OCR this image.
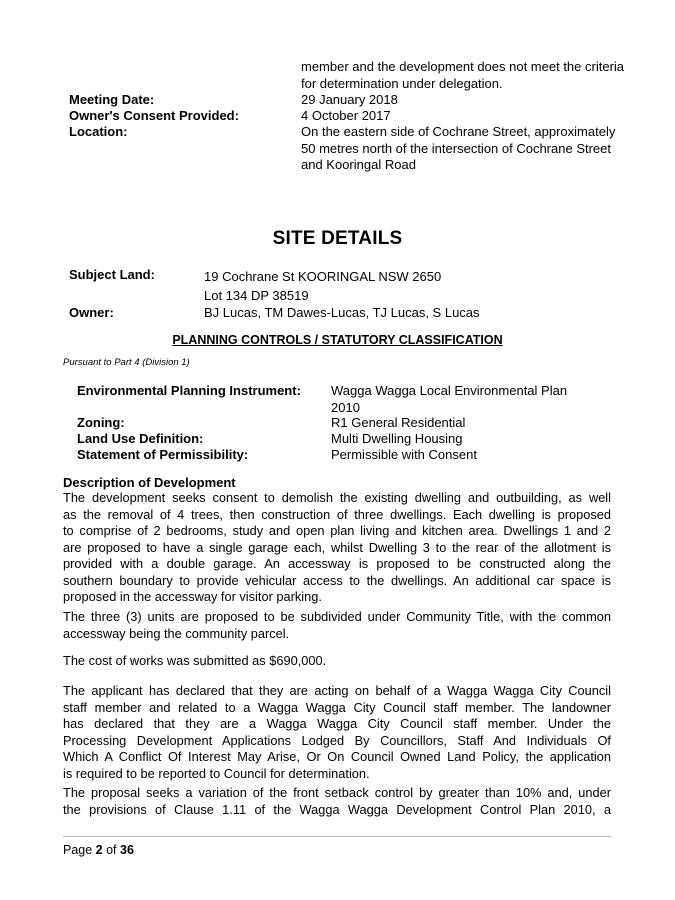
member and the development does not meet the criteria
for determination under delegation.
Meeting Date:	29 January 2018
Owner's Consent Provided:	4 October 2017
Location:	On the eastern side of Cochrane Street, approximately
50 metres north of the intersection of Cochrane Street
and Kooringal Road
SITE DETAILS
Subject Land:	19 Cochrane St KOORINGAL NSW 2650
Lot 134 DP 38519
Owner:	BJ Lucas, TM Dawes-Lucas, TJ Lucas, S Lucas
PLANNING CONTROLS / STATUTORY CLASSIFICATION
Pursuant to Part 4 (Division 1)
Environmental Planning Instrument: Wagga Wagga Local Environmental Plan
2010
Zoning:	R1 General Residential
Land Use Definition:	Multi Dwelling Housing
Statement of Permissibility:	Permissible with Consent
Description of Development
The development seeks consent to demolish the existing dwelling and outbuilding, as well
as the removal of 4 trees, then construction of three dwellings. Each dwelling is proposed
to comprise of 2 bedrooms, study and open plan living and kitchen area. Dwellings 1 and 2
are proposed to have a single garage each, whilst Dwelling 3 to the rear of the allotment is
provided with a double garage. An accessway is proposed to be constructed along the
southern boundary to provide vehicular access to the dwellings. An additional car space is
proposed in the accessway for visitor parking.
The three (3) units are proposed to be subdivided under Community Title, with the common
accessway being the community parcel.
The cost of works was submitted as $690,000.
The applicant has declared that they are acting on behalf of a Wagga Wagga City Council
staff member and related to a Wagga Wagga City Council staff member. The landowner
has declared that they are a Wagga Wagga City Council staff member. Under the
Processing Development Applications Lodged By Councillors, Staff And Individuals Of
Which A Conflict Of Interest May Arise, Or On Council Owned Land Policy, the application
is required to be reported to Council for determination.
The proposal seeks a variation of the front setback control by greater than 10% and, under
the provisions of Clause 1.11 of the Wagga Wagga Development Control Plan 2010, a
Page 2 of 36
